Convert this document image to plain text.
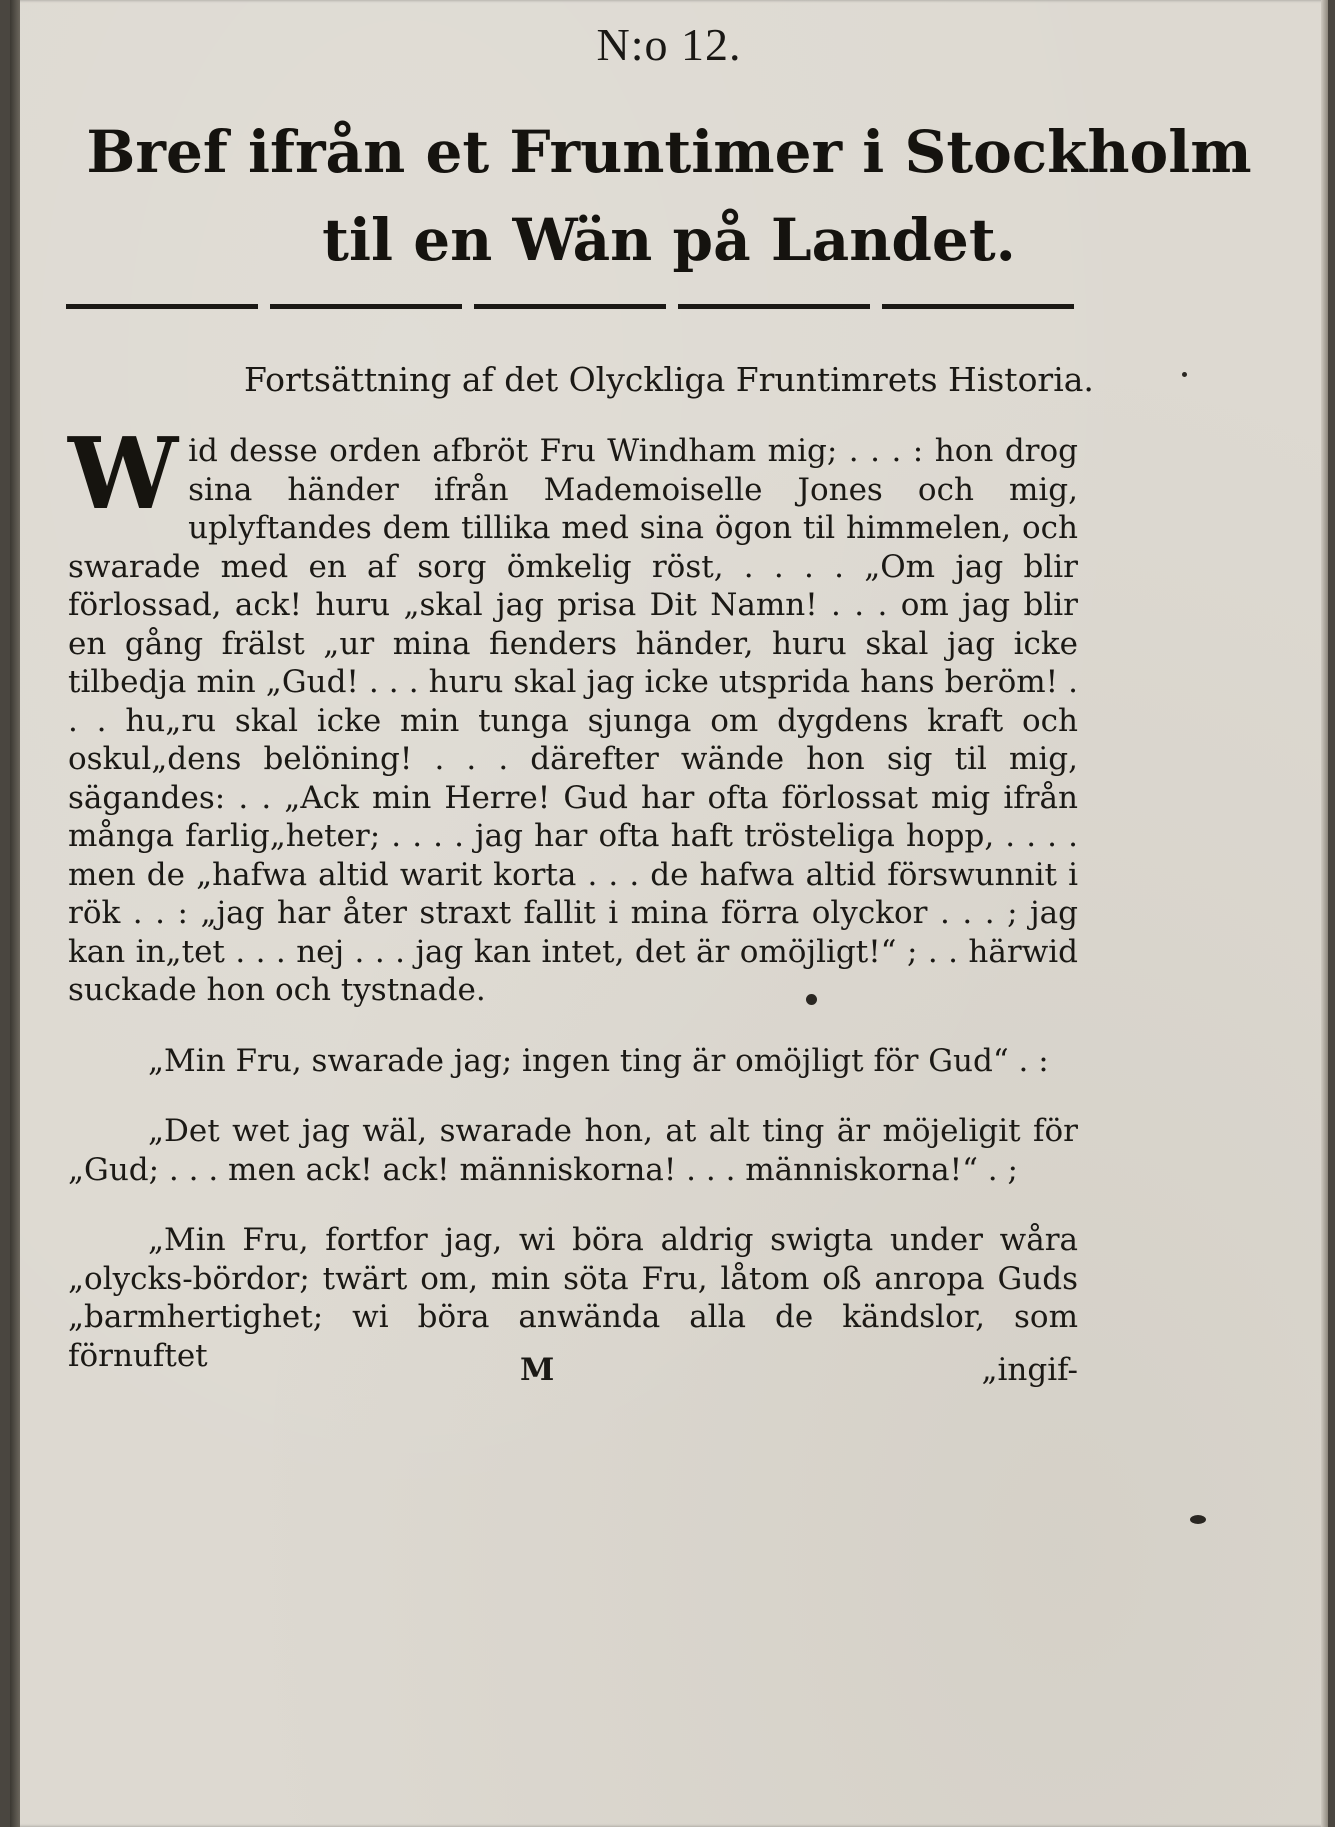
N:o 12.
Bref ifrån et Fruntimer i Stockholm

til en Wän på Landet.
Fortsättning af det Olyckliga Fruntimrets Historia.

Wid desse orden afbröt Fru Windham mig; . . . : hon drog sina händer ifrån Mademoiselle Jones och mig, uplyftandes dem tillika med sina ögon til himmelen, och swarade med en af sorg ömkelig röst, . . . . „Om jag blir förlossad, ack! huru „skal jag prisa Dit Namn! . . . om jag blir en gång frälst „ur mina fienders händer, huru skal jag icke tilbedja min „Gud! . . . huru skal jag icke utsprida hans beröm! . . . hu„ru skal icke min tunga sjunga om dygdens kraft och oskul„dens belöning! . . . därefter wände hon sig til mig, sägandes: . . „Ack min Herre! Gud har ofta förlossat mig ifrån många farlig„heter; . . . . jag har ofta haft tröstеliga hopp, . . . . men de „hafwa altid warit korta . . . de hafwa altid förswunnit i rök . . : „jag har åter straxt fallit i mina förra olyckor . . . ; jag kan in„tet . . . nej . . . jag kan intet, det är omöjligt!“ ; . . härwid suckade hon och tystnade.

„Min Fru, swarade jag; ingen ting är omöjligt för Gud“ . :

„Det wet jag wäl, swarade hon, at alt ting är möjeligit för „Gud; . . . men ack! ack! människorna! . . . människorna!“ . ;

„Min Fru, fortfor jag, wi böra aldrig swigta under wåra „olycks-bördor; twärt om, min söta Fru, låtom oß anropa Guds „barmhertighet; wi böra anwända alla de kändslor, som förnuftet	M	„ingif-
